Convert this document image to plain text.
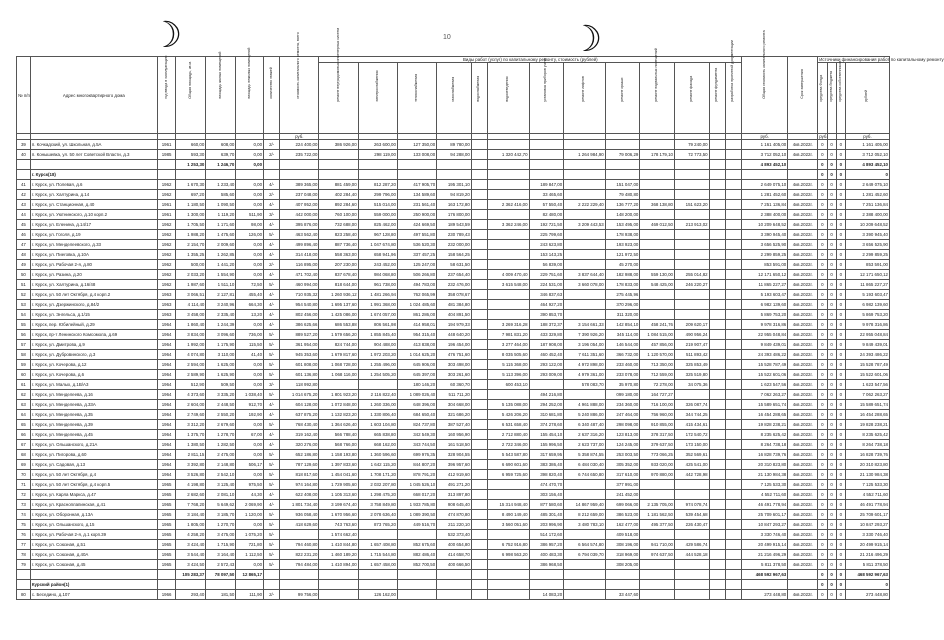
☽	☽
10
№ п/п	Адрес многоквартирного дома	год ввода в эксплуатацию	Общая площадь, кв.м.	площадь жилых помещений	площадь нежилых помещений	количество этажей	стоимость капитального ремонта, всего	Виды работ (услуг) по капитальному ремонту, стоимость (рублей)													Общая стоимость капитального ремонта	Срок завершения	Источники финансирования работ по капитальному ремонту			
								ремонт внутридомовых инженерных систем	электроснабжения	теплоснабжения	газоснабжения	водоснабжения	водоотведения	установка приборов учета	ремонт лифтов	ремонт крыши	ремонт подвальных помещений	ремонт фасада	ремонт фундамента	разработка проектной документации			средства Фонда	средства бюджета	средства собственников	рублей
							руб.														руб.		руб.			руб.
39	п. Кочкадский, ул. Школьная, д.5А	1961	660,00	608,00	0,00	2/-	224 400,00	386 926,00	263 600,00	127 350,00	89 780,00							79 240,00			1 161 405,00	4кв.2022г.	0	0	0	1 161 405,00
40	п. Конышевка, ул. 50 лет Советской Власти, д.3	1985	593,30	639,70	0,00	2/-	235 722,00		298 119,00	133 008,00	94 288,00		1 320 442,70		1 264 984,90	79 006,29	178 179,10	72 773,50			3 712 052,10	4кв.2022г.	0	0	0	3 712 052,10
			1 253,30	1 246,70	0,00																4 893 452,10		0	0	0	4 893 452,10
	г. Курск(18)																						0	0	0	0
41	г. Курск, ул. Полевая, д.6	1962	1 670,30	1 233,40	0,00	4/-	389 365,00	881 459,00	812 287,20	417 905,70	195 301,10			189 847,00		151 047,00					2 649 075,10	4кв.2022г.	0	0	0	2 649 075,10
42	г. Курск, ул. Халтурина, д.14	1962	697,20	585,60	0,00	2/-	237 048,00	402 284,40	299 796,00	134 589,60	94 819,20			33 465,60		79 480,80					1 281 452,60	4кв.2022г.	0	0	0	1 281 452,60
43	г. Курск, ул. Станционная, д.40	1961	1 180,50	1 090,50	0,00	4/-	407 952,00	892 284,60	515 014,00	231 561,40	163 172,80		2 362 416,00	57 550,40	2 222 229,40	136 777,20	368 138,80	151 623,20			7 251 136,84	4кв.2022г.	0	0	0	7 251 136,84
44	г. Курск, ул. Уютнинского, д.10 корп.2	1961	1 300,00	1 119,20	511,90	3/-	442 000,00	760 100,00	559 000,00	250 900,00	176 800,00			82 480,00		148 200,00					2 388 400,00	4кв.2022г.	0	0	0	2 388 400,00
45	г. Курск, ул. Еленина, д.14/17	1962	1 705,50	1 171,60	98,00	4/-	395 876,00	732 688,00	825 462,00	424 669,50	189 543,59		3 362 246,00	192 721,50	3 209 443,53	153 495,00	469 012,50	213 913,02			10 209 648,52	4кв.2022г.	0	0	0	10 209 648,52
46	г. Курск, ул. Гоголя, д.19	1962	1 988,20	1 475,60	126,00	5/-	463 562,40	823 258,40	967 128,80	497 551,80	230 789,43			225 799,60		178 938,00					3 390 945,40	4кв.2022г.	0	0	0	3 390 945,40
47	г. Курск, ул. Менделеевского, д.33	1962	2 154,70	2 009,60	0,00	4/-	499 896,40	887 736,40	1 047 674,80	536 520,30	232 000,00			243 623,80		193 923,00					3 656 525,90	4кв.2022г.	0	0	0	3 656 525,90
48	г. Курск, ул. Пиеrовка, д.10А	1962	1 355,25	1 262,85	0,00	4/-	314 418,00	558 363,00	658 941,96	337 457,25	158 564,25			153 143,25		121 972,50					2 299 859,25	4кв.2022г.	0	0	0	2 299 859,25
49	г. Курск, ул. Рабочая 2-я, д.80	1962	500,00	1 441,20	0,00	2/-	116 895,00	207 230,00	243 452,00	125 247,00	58 631,50			56 839,00		45 270,00					853 591,00	4кв.2022г.	0	0	0	853 591,00
50	г. Курск, ул. Разина, д.20	1962	2 033,20	1 554,90	0,00	4/-	471 702,40	837 678,40	984 068,80	506 266,80	237 654,40		4 009 470,40	229 751,60	3 837 644,40	182 988,00	559 130,00	255 014,82			12 171 650,12	4кв.2022г.	0	0	0	12 171 650,12
51	г. Курск, ул. Халтурина, д.16/48	1962	1 987,60	1 511,10	72,50	5/-	460 994,00	818 644,00	961 738,00	494 783,00	232 476,00		3 615 548,00	224 531,00	3 660 078,00	178 833,00	548 425,00	246 220,27			11 865 227,27	4кв.2022г.	0	0	0	11 865 227,27
52	г. Курск, ул. 50 лет Октября, д.4 корп.2	1963	3 066,51	2 127,81	455,40	4/-	710 935,32	1 260 936,12	1 481 266,94	762 065,99	358 078,67			346 837,63		275 445,96					5 193 603,47	4кв.2022г.	0	0	0	5 193 603,47
53	г. Курск, ул. Дзержинского, д.84/2	1963	4 114,40	3 240,96	664,30	4/-	954 540,80	1 695 137,60	1 991 368,00	1 024 485,60	481 384,80			464 927,20		370 296,00					6 982 139,60	4кв.2022г.	0	0	0	6 982 139,60
54	г. Курск, ул. Энгельса, д.1/15	1963	3 458,00	2 335,40	13,20	4/-	802 456,00	1 425 086,00	1 674 057,00	861 286,00	404 891,50			390 853,70		311 320,00					5 869 753,20	4кв.2022г.	0	0	0	5 869 753,20
55	г. Курск, пер. Юбилейный, д.29	1964	1 860,40	1 244,39	0,00	4/-	386 625,66	686 553,88	806 561,98	414 958,01	194 979,33		3 269 316,28	188 372,37	3 154 661,33	142 854,10	458 241,76	209 620,17			9 978 316,86	4кв.2022г.	0	0	0	9 978 316,86
56	г. Курск, пр-т Ленинского Комсомола, д.69	1964	3 834,00	3 096,60	736,00	5/-	889 527,20	1 579 656,20	1 855 845,40	954 315,40	448 640,20		7 981 831,20	433 329,80	7 390 926,20	345 114,00	1 084 515,00	490 956,24			22 955 048,84	4кв.2022г.	0	0	0	22 955 048,84
57	г. Курск, ул. Дмитрова, д.9	1964	1 992,00	1 175,90	115,50	5/-	361 954,00	824 744,00	904 488,00	413 838,00	196 454,00		3 277 464,00	187 908,00	3 196 054,00	146 544,00	457 856,00	219 907,47			9 849 439,01	4кв.2022г.	0	0	0	9 849 439,01
58	г. Курск, ул. Дубровинского, д.3	1964	4 074,80	3 110,00	41,40	5/-	945 353,60	1 679 817,60	1 972 203,20	1 014 625,20	476 751,60		8 035 505,60	460 452,40	7 611 351,60	366 732,00	1 120 570,00	511 893,42			24 393 486,22	4кв.2022г.	0	0	0	24 393 486,22
59	г. Курск, ул. Кочерова, д.12	1964	2 594,00	1 625,00	0,00	5/-	601 808,00	1 068 728,00	1 255 496,00	645 906,00	303 498,00		5 115 368,00	293 122,00	4 972 898,00	233 460,00	713 350,00	325 853,49			15 528 787,49	4кв.2022г.	0	0	0	15 528 787,49
60	г. Курск, ул. Кочерова, д.6	1964	2 589,90	1 625,90	0,00	5/-	601 136,80	1 068 116,00	1 254 505,20	645 397,00	303 261,60		5 113 396,00	293 009,00	4 979 361,00	233 078,00	712 559,00	325 519,80			15 522 601,06	4кв.2022г.	0	0	0	15 522 601,06
61	г. Курск, ул. Малых, д.1В/А3	1964	512,90	509,50	0,00	3/-	118 992,80			180 146,20	60 360,70		600 453,10		578 083,70	35 970,80	72 278,00	34 075,36			1 623 547,56	4кв.2022г.	0	0	0	1 623 547,56
62	г. Курск, ул. Менделеева, д.16	1964	4 373,60	3 335,20	1 038,40	5/-	1 014 675,20	1 801 923,20	2 116 822,40	1 089 026,40	511 711,20			494 216,80		099 180,00	164 727,27				7 062 263,27	4кв.2022г.	0	0	0	7 062 263,27
63	г. Курск, ул. Менделеева, д.33А	1964	2 604,00	2 448,50	912,70	4/-	604 128,00	1 072 848,00	1 260 336,00	648 396,00	304 668,00		5 135 088,00	294 252,00	4 961 888,00	234 360,00	716 100,00	326 087,74			15 589 651,74	4кв.2022г.	0	0	0	15 589 651,74
64	г. Курск, ул. Менделеева, д.35	1964	2 749,60	2 550,20	192,90	4/-	637 875,20	1 132 823,20	1 330 806,40	684 650,40	321 686,20		5 426 206,20	310 681,80	5 240 886,00	247 464,00	756 960,00	344 744,25			16 454 288,65	4кв.2022г.	0	0	0	16 454 288,65
65	г. Курск, ул. Менделеева, д.39	1964	3 312,20	2 679,60	0,00	5/-	768 430,40	1 364 626,40	1 603 104,80	824 737,80	387 527,40		6 531 658,40	374 278,60	6 340 487,40	298 098,00	910 855,00	415 434,61			19 828 238,21	4кв.2022г.	0	0	0	19 828 238,21
66	г. Курск, ул. Менделеева, д.45	1964	1 375,70	1 278,70	67,00	4/-	319 162,40	566 788,40	665 838,80	342 549,30	160 956,90		2 712 880,40	155 454,10	2 637 316,20	123 813,00	378 317,50	172 540,72			8 235 625,42	4кв.2022г.	0	0	0	8 235 625,42
67	г. Курск, ул. Ольшанского, д.21А	1964	1 380,50	1 282,50	0,00	4/-	320 276,00	568 766,00	668 162,00	343 744,50	161 518,50		2 722 346,00	155 996,50	2 623 737,00	124 245,00	379 637,50	173 150,00			8 264 738,18	4кв.2022г.	0	0	0	8 264 738,18
68	г. Курск, ул. Пигорова, д.60	1964	2 811,15	2 475,00	0,00	5/-	652 186,80	1 158 193,80	1 360 596,60	699 976,35	328 904,55		5 543 587,80	317 659,95	5 358 874,55	253 003,50	773 066,25	352 569,61			16 828 739,76	4кв.2022г.	0	0	0	16 828 739,76
69	г. Курск, ул. Садовая, д.13	1964	3 392,80	2 148,80	506,17	5/-	787 129,60	1 397 833,60	1 642 115,20	844 807,20	396 957,60		6 690 601,60	383 386,40	6 484 030,40	305 352,00	933 020,00	425 541,00			20 310 823,80	4кв.2022г.	0	0	0	20 310 823,80
70	г. Курск, ул. 50 лет Октября, д.4	1964	3 526,80	2 542,10	0,00	5/-	818 817,60	1 454 041,60	1 708 171,20	878 791,20	412 919,60		6 959 725,60	398 820,40	6 744 650,80	317 610,00	970 880,00	442 728,98			21 130 984,38	4кв.2022г.	0	0	0	21 130 984,38
71	г. Курск, ул. 50 лет Октября, д.4 корп.5	1965	4 198,80	3 125,40	975,50	5/-	974 164,80	1 729 905,60	2 032 207,80	1 045 526,10	491 271,20			474 470,70		377 991,00					7 125 533,30	4кв.2022г.	0	0	0	7 125 533,30
72	г. Курск, ул. Карла Маркса, д.47	1965	2 682,60	2 081,10	44,30	4/-	622 408,00	1 105 313,60	1 298 475,20	668 017,20	313 897,80			303 156,40		241 452,00					4 552 711,60	4кв.2022г.	0	0	0	4 552 711,60
73	г. Курск, ул. Красноплапинская, д.41	1965	7 768,20	5 649,62	2 069,90	4/-	1 801 734,40	3 199 674,40	3 758 849,80	1 933 785,80	908 645,40		15 314 948,40	877 580,60	14 867 959,40	699 066,00	2 135 705,00	974 078,74			46 491 778,94	4кв.2022г.	0	0	0	46 491 778,94
74	г. Курск, ул. Оборонная, д.13А	1965	3 184,40	3 185,70	1 120,00	5/-	936 058,40	1 670 956,60	2 078 636,40	1 089 390,50	474 870,80		8 490 149,40	485 301,40	8 212 659,00	386 523,00	1 181 562,50	539 454,68			25 709 601,17	4кв.2022г.	0	0	0	25 709 601,17
75	г. Курск, ул. Ольшанского, д.15	1965	1 805,00	1 270,70	0,00	5/-	418 629,60	743 763,60	873 765,20	449 516,70	211 220,10		3 560 051,60	203 996,90	3 480 783,10	162 477,00	495 377,50	226 430,47			10 847 293,27	4кв.2022г.	0	0	0	10 847 293,27
76	г. Курск, ул. Рабочая 2-я, д.1 корп.39	1965	4 258,20	3 475,00	1 075,20	5/-		1 574 662,40			532 373,40			514 172,60		409 518,00					3 330 746,40	4кв.2022г.	0	0	0	3 330 746,40
77	г. Курск, ул. Союзная, д.51	1965	3 424,40	1 715,90	721,80	5/-	794 460,80	1 410 844,80	1 657 408,80	852 675,60	400 654,80		6 752 916,80	386 957,20	6 564 574,80	308 196,00	941 710,00	429 586,74			20 499 915,14	4кв.2022г.	0	0	0	20 499 915,14
78	г. Курск, ул. Союзная, д.40А	1965	3 544,40	3 164,40	1 112,50	5/-	822 231,20	1 460 189,20	1 715 544,80	882 486,40	414 658,70		6 998 563,20	400 483,30	6 794 039,70	318 969,00	974 637,50	444 528,18			21 216 496,29	4кв.2022г.	0	0	0	21 216 496,29
79	г. Курск, ул. Союзная, д.45	1965	3 424,50	2 572,43	0,00	5/-	794 484,00	1 410 894,00	1 657 458,00	852 700,50	400 666,50			386 968,50		308 205,00					5 811 378,50	4кв.2022г.	0	0	0	5 811 378,50
			105 283,37	78 097,50	12 865,17																468 592 967,63		0	0	0	468 592 967,63
	Курский район(1)																						0	0	0	0
80	с. Беседино, д.107	1966	293,40	181,50	111,90	2/-	99 756,00		126 162,00					14 083,20		33 447,60					273 448,80	4кв.2022г.	0	0	0	273 448,80
